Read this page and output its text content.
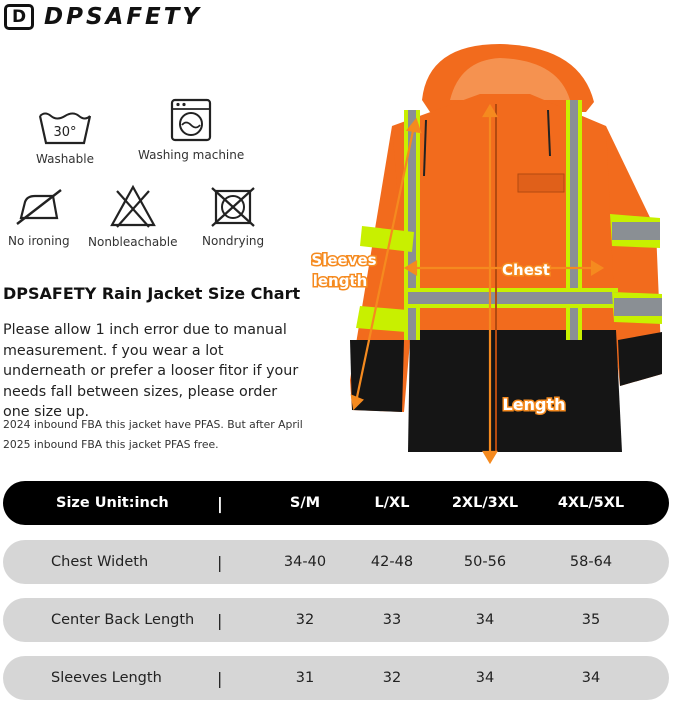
D DPSAFETY
30°
Washable	Washing machine
No ironing Nonbleachable Nondrying
DPSAFETY Rain Jacket Size Chart
Please allow 1 inch error due to manual measurement. f you wear a lot underneath or prefer a looser fitor if your needs fall between sizes, please order one size up.
2024 inbound FBA this jacket have PFAS. But after April 2025 inbound FBA this jacket PFAS free.
Chest
Sleeves
length
Length
Size Unit:inch	|	S/M	L/XL	2XL/3XL	4XL/5XL
Chest Wideth	|	34-40	42-48	50-56	58-64
Center Back Length |	32	33	34	35
Sleeves Length	|	31	32	34	34
